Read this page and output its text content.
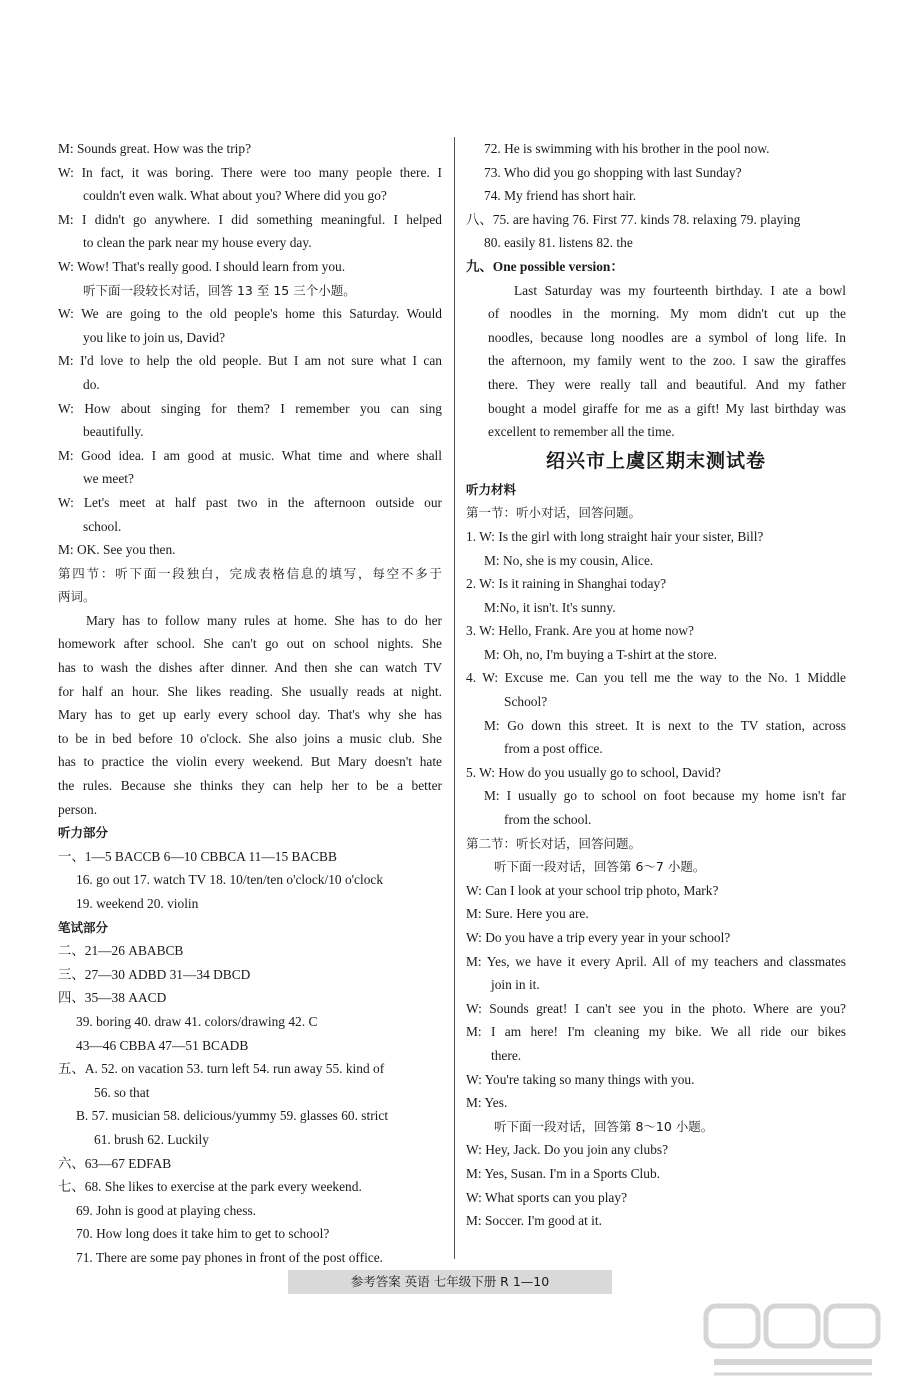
M: Sounds great. How was the trip?
W: In fact, it was boring. There were too many people there. I
couldn't even walk. What about you? Where did you go?
M: I didn't go anywhere. I did something meaningful. I helped
to clean the park near my house every day.
W: Wow! That's really good. I should learn from you.
听下面一段较长对话，回答 13 至 15 三个小题。
W: We are going to the old people's home this Saturday. Would
you like to join us, David?
M: I'd love to help the old people. But I am not sure what I can
do.
W: How about singing for them? I remember you can sing
beautifully.
M: Good idea. I am good at music. What time and where shall
we meet?
W: Let's meet at half past two in the afternoon outside our
school.
M: OK. See you then.
第四节：听下面一段独白，完成表格信息的填写，每空不多于
两词。
Mary has to follow many rules at home. She has to do her
homework after school. She can't go out on school nights. She
has to wash the dishes after dinner. And then she can watch TV
for half an hour. She likes reading. She usually reads at night.
Mary has to get up early every school day. That's why she has
to be in bed before 10 o'clock. She also joins a music club. She
has to practice the violin every weekend. But Mary doesn't hate
the rules. Because she thinks they can help her to be a better
person.
听力部分
一、1—5 BACCB 6—10 CBBCA 11—15 BACBB
16. go out 17. watch TV 18. 10/ten/ten o'clock/10 o'clock
19. weekend 20. violin
笔试部分
二、21—26 ABABCB
三、27—30 ADBD 31—34 DBCD
四、35—38 AACD
39. boring 40. draw 41. colors/drawing 42. C
43—46 CBBA 47—51 BCADB
五、A. 52. on vacation 53. turn left 54. run away 55. kind of
56. so that
B. 57. musician 58. delicious/yummy 59. glasses 60. strict
61. brush 62. Luckily
六、63—67 EDFAB
七、68. She likes to exercise at the park every weekend.
69. John is good at playing chess.
70. How long does it take him to get to school?
71. There are some pay phones in front of the post office.
72. He is swimming with his brother in the pool now.
73. Who did you go shopping with last Sunday?
74. My friend has short hair.
八、75. are having 76. First 77. kinds 78. relaxing 79. playing
80. easily 81. listens 82. the
九、One possible version：
Last Saturday was my fourteenth birthday. I ate a bowl
of noodles in the morning. My mom didn't cut up the
noodles, because long noodles are a symbol of long life. In
the afternoon, my family went to the zoo. I saw the giraffes
there. They were really tall and beautiful. And my father
bought a model giraffe for me as a gift! My last birthday was
excellent to remember all the time.
绍兴市上虞区期末测试卷
听力材料
第一节：听小对话，回答问题。
1. W: Is the girl with long straight hair your sister, Bill?
M: No, she is my cousin, Alice.
2. W: Is it raining in Shanghai today?
M:No, it isn't. It's sunny.
3. W: Hello, Frank. Are you at home now?
M: Oh, no, I'm buying a T-shirt at the store.
4. W: Excuse me. Can you tell me the way to the No. 1 Middle
School?
M: Go down this street. It is next to the TV station, across
from a post office.
5. W: How do you usually go to school, David?
M: I usually go to school on foot because my home isn't far
from the school.
第二节：听长对话，回答问题。
听下面一段对话，回答第 6～7 小题。
W: Can I look at your school trip photo, Mark?
M: Sure. Here you are.
W: Do you have a trip every year in your school?
M: Yes, we have it every April. All of my teachers and classmates
join in it.
W: Sounds great! I can't see you in the photo. Where are you?
M: I am here! I'm cleaning my bike. We all ride our bikes
there.
W: You're taking so many things with you.
M: Yes.
听下面一段对话，回答第 8～10 小题。
W: Hey, Jack. Do you join any clubs?
M: Yes, Susan. I'm in a Sports Club.
W: What sports can you play?
M: Soccer. I'm good at it.
参考答案 英语 七年级下册 R 1—10
